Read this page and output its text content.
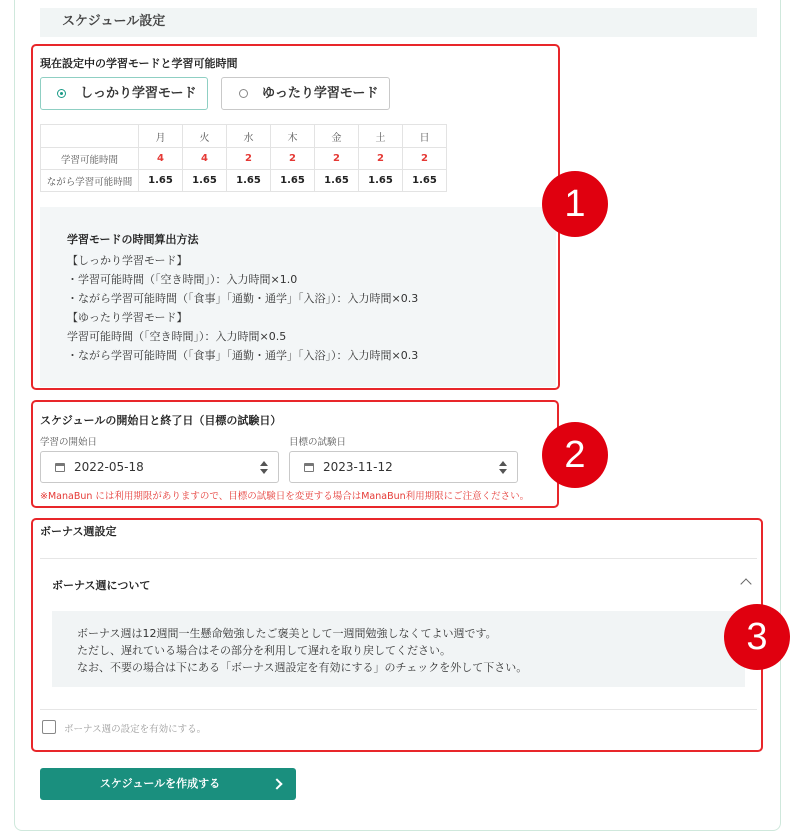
スケジュール設定
現在設定中の学習モードと学習可能時間
しっかり学習モード	ゆったり学習モード
	月	火	水	木	金	土	日
学習可能時間	4	4	2	2	2	2	2
ながら学習可能時間	1.65	1.65	1.65	1.65	1.65	1.65	1.65
学習モードの時間算出方法
【しっかり学習モード】
・学習可能時間（「空き時間」）：入力時間×1.0
・ながら学習可能時間（「食事」「通勤・通学」「入浴」）：入力時間×0.3
【ゆったり学習モード】
学習可能時間（「空き時間」）：入力時間×0.5
・ながら学習可能時間（「食事」「通勤・通学」「入浴」）：入力時間×0.3
1
スケジュールの開始日と終了日（目標の試験日）
学習の開始日	目標の試験日
2022-05-18	2023-11-12
※ManaBun には利用期限がありますので、目標の試験日を変更する場合はManaBun利用期限にご注意ください。
2
ボーナス週設定
ボーナス週について
ボーナス週は12週間一生懸命勉強したご褒美として一週間勉強しなくてよい週です。
ただし、遅れている場合はその部分を利用して遅れを取り戻してください。
なお、不要の場合は下にある「ボーナス週設定を有効にする」のチェックを外して下さい。
ボーナス週の設定を有効にする。
3
スケジュールを作成する
